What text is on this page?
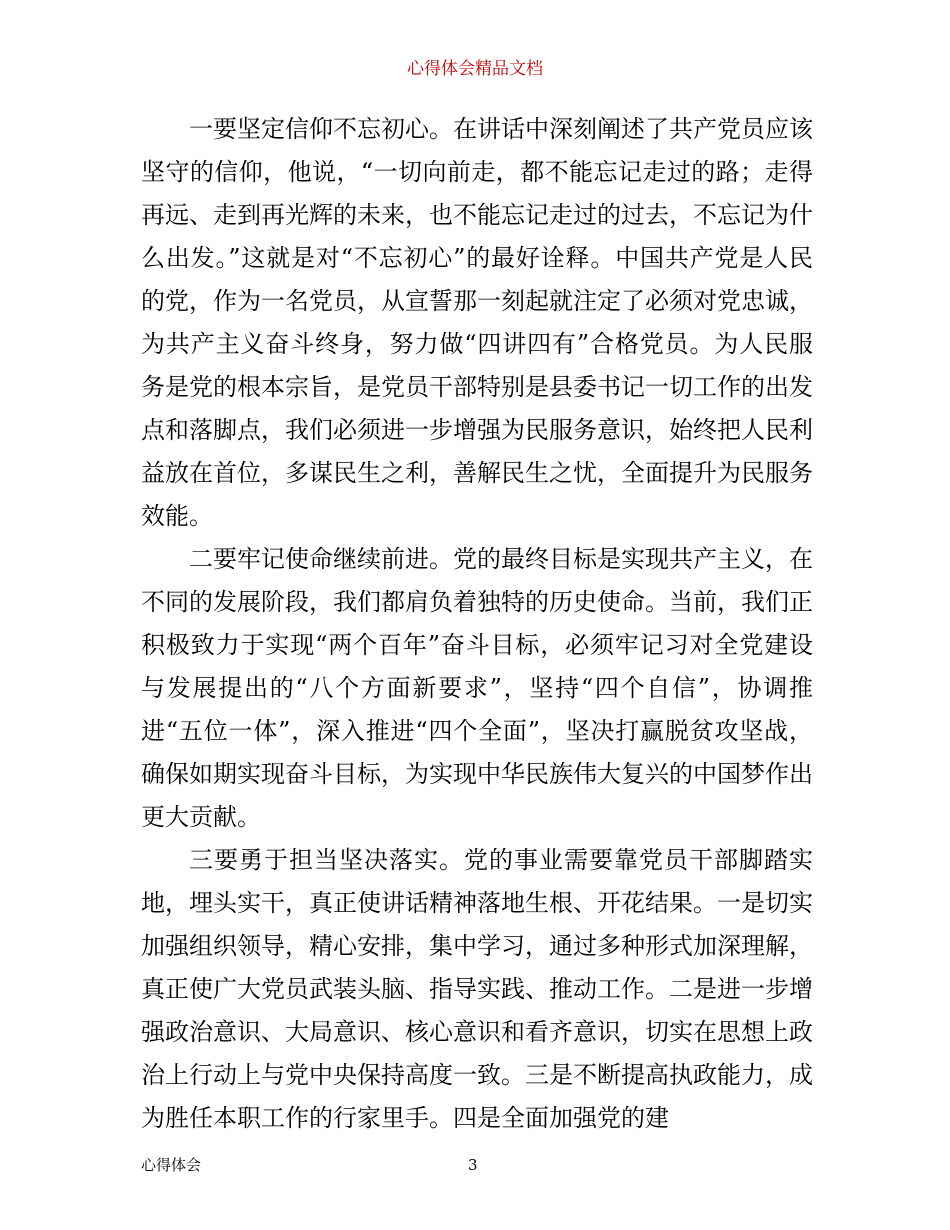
心得体会精品文档

一要坚定信仰不忘初心。在讲话中深刻阐述了共产党员应该坚守的信仰，他说，“一切向前走，都不能忘记走过的路；走得再远、走到再光辉的未来，也不能忘记走过的过去，不忘记为什么出发。”这就是对“不忘初心”的最好诠释。中国共产党是人民的党，作为一名党员，从宣誓那一刻起就注定了必须对党忠诚，为共产主义奋斗终身，努力做“四讲四有”合格党员。为人民服务是党的根本宗旨，是党员干部特别是县委书记一切工作的出发点和落脚点，我们必须进一步增强为民服务意识，始终把人民利益放在首位，多谋民生之利，善解民生之忧，全面提升为民服务效能。

二要牢记使命继续前进。党的最终目标是实现共产主义，在不同的发展阶段，我们都肩负着独特的历史使命。当前，我们正积极致力于实现“两个百年”奋斗目标，必须牢记习对全党建设与发展提出的“八个方面新要求”，坚持“四个自信”，协调推进“五位一体”，深入推进“四个全面”，坚决打赢脱贫攻坚战，确保如期实现奋斗目标，为实现中华民族伟大复兴的中国梦作出更大贡献。

三要勇于担当坚决落实。党的事业需要靠党员干部脚踏实地，埋头实干，真正使讲话精神落地生根、开花结果。一是切实加强组织领导，精心安排，集中学习，通过多种形式加深理解，真正使广大党员武装头脑、指导实践、推动工作。二是进一步增强政治意识、大局意识、核心意识和看齐意识，切实在思想上政治上行动上与党中央保持高度一致。三是不断提高执政能力，成为胜任本职工作的行家里手。四是全面加强党的建

心得体会	3
